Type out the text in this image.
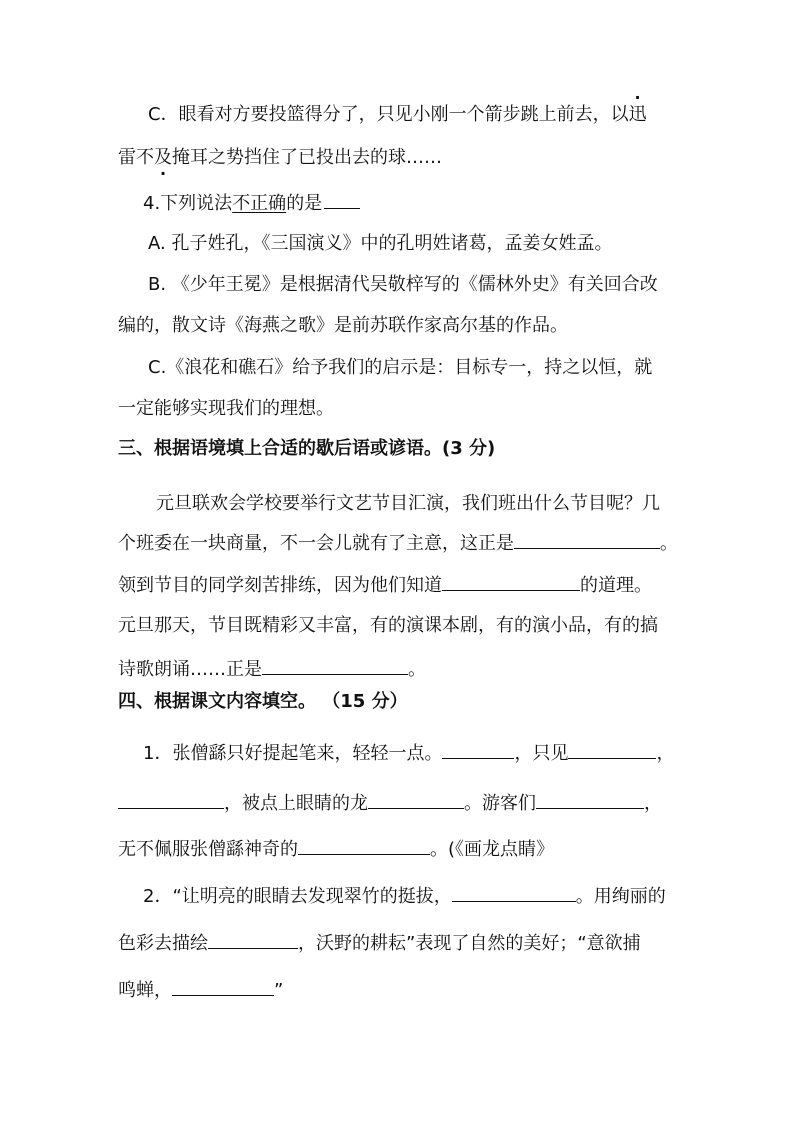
C．眼看对方要投篮得分了，只见小刚一个箭步跳上前去，以迅
雷不及掩耳 ·之势挡住了已投出去的球……
4.下列说法不正确的是
A. 孔子姓孔，《三国演义》中的孔明姓诸葛，孟姜女姓孟。
B. 《少年王冕》是根据清代吴敬梓写的《儒林外史》有关回合改
编的，散文诗《海燕之歌》是前苏联作家高尔基的作品。
C.《浪花和礁石》给予我们的启示是：目标专一，持之以恒，就
一定能够实现我们的理想。
三、根据语境填上合适的歇后语或谚语。(3 分)
元旦联欢会学校要举行文艺节目汇演，我们班出什么节目呢？几
个班委在一块商量，不一会儿就有了主意，这正是	。
领到节目的同学刻苦排练，因为他们知道	的道理。
元旦那天，节目既精彩又丰富，有的演课本剧，有的演小品，有的搞
诗歌朗诵……正是	。
四、根据课文内容填空。 （15 分）
1．张僧繇只好提起笔来，轻轻一点。	，只见	，
，被点上眼睛的龙	。游客们	，
无不佩服张僧繇神奇的	。(《画龙点睛》
2．“让明亮的眼睛去发现翠竹的挺拔，	。用绚丽的
色彩去描绘	，沃野的耕耘”表现了自然的美好；“意欲捕
鸣蝉，	”
